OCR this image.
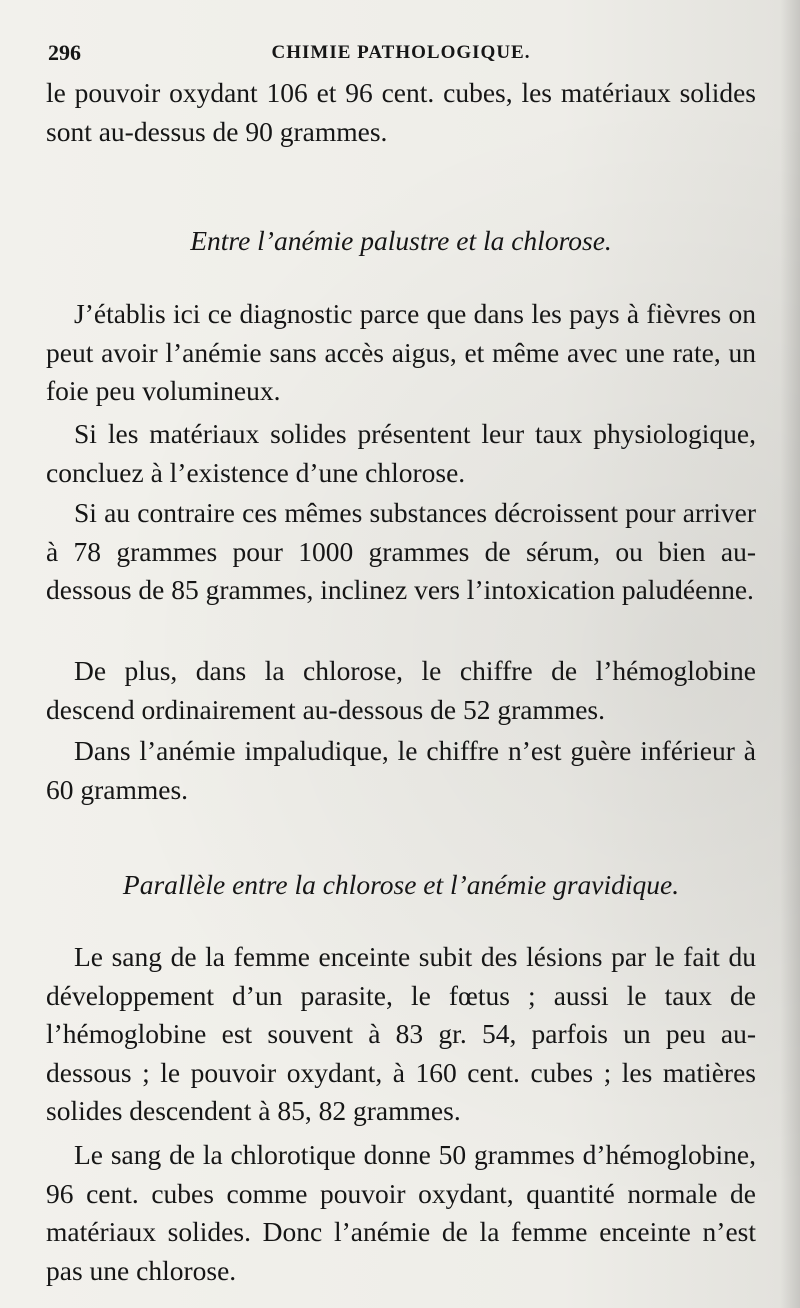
296	CHIMIE PATHOLOGIQUE.
le pouvoir oxydant 106 et 96 cent. cubes, les matériaux solides sont au-dessus de 90 grammes.
Entre l’anémie palustre et la chlorose.
J’établis ici ce diagnostic parce que dans les pays à fièvres on peut avoir l’anémie sans accès aigus, et même avec une rate, un foie peu volumineux.
Si les matériaux solides présentent leur taux physiologique, concluez à l’existence d’une chlorose.
Si au contraire ces mêmes substances décroissent pour arriver à 78 grammes pour 1000 grammes de sérum, ou bien au-dessous de 85 grammes, inclinez vers l’intoxication paludéenne.
De plus, dans la chlorose, le chiffre de l’hémoglobine descend ordinairement au-dessous de 52 grammes.
Dans l’anémie impaludique, le chiffre n’est guère inférieur à 60 grammes.
Parallèle entre la chlorose et l’anémie gravidique.
Le sang de la femme enceinte subit des lésions par le fait du développement d’un parasite, le fœtus ; aussi le taux de l’hémoglobine est souvent à 83 gr. 54, parfois un peu au-dessous ; le pouvoir oxydant, à 160 cent. cubes ; les matières solides descendent à 85, 82 grammes.
Le sang de la chlorotique donne 50 grammes d’hémoglobine, 96 cent. cubes comme pouvoir oxydant, quantité normale de matériaux solides. Donc l’anémie de la femme enceinte n’est pas une chlorose.
